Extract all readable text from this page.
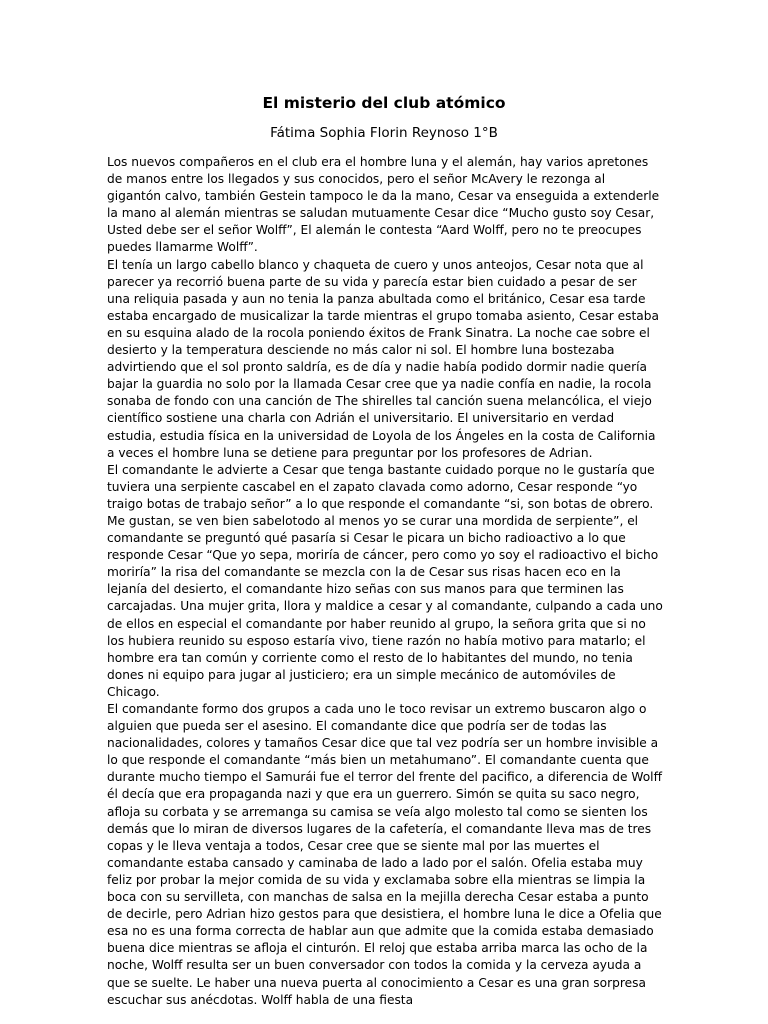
El misterio del club atómico
Fátima Sophia Florin Reynoso 1°B

Los nuevos compañeros en el club era el hombre luna y el alemán, hay varios apretones de manos entre los llegados y sus conocidos, pero el señor McAvery le rezonga al gigantón calvo, también Gestein tampoco le da la mano, Cesar va enseguida a extenderle la mano al alemán mientras se saludan mutuamente Cesar dice “Mucho gusto soy Cesar, Usted debe ser el señor Wolff”, El alemán le contesta “Aard Wolff, pero no te preocupes puedes llamarme Wolff”.

El tenía un largo cabello blanco y chaqueta de cuero y unos anteojos, Cesar nota que al parecer ya recorrió buena parte de su vida y parecía estar bien cuidado a pesar de ser una reliquia pasada y aun no tenia la panza abultada como el británico, Cesar esa tarde estaba encargado de musicalizar la tarde mientras el grupo tomaba asiento, Cesar estaba en su esquina alado de la rocola poniendo éxitos de Frank Sinatra. La noche cae sobre el desierto y la temperatura desciende no más calor ni sol. El hombre luna bostezaba advirtiendo que el sol pronto saldría, es de día y nadie había podido dormir nadie quería bajar la guardia no solo por la llamada Cesar cree que ya nadie confía en nadie, la rocola sonaba de fondo con una canción de The shirelles tal canción suena melancólica, el viejo científico sostiene una charla con Adrián el universitario. El universitario en verdad estudia, estudia física en la universidad de Loyola de los Ángeles en la costa de California a veces el hombre luna se detiene para preguntar por los profesores de Adrian.

El comandante le advierte a Cesar que tenga bastante cuidado porque no le gustaría que tuviera una serpiente cascabel en el zapato clavada como adorno, Cesar responde “yo traigo botas de trabajo señor” a lo que responde el comandante “si, son botas de obrero. Me gustan, se ven bien sabelotodo al menos yo se curar una mordida de serpiente”, el comandante se preguntó qué pasaría si Cesar le picara un bicho radioactivo a lo que responde Cesar “Que yo sepa, moriría de cáncer, pero como yo soy el radioactivo el bicho moriría” la risa del comandante se mezcla con la de Cesar sus risas hacen eco en la lejanía del desierto, el comandante hizo señas con sus manos para que terminen las carcajadas. Una mujer grita, llora y maldice a cesar y al comandante, culpando a cada uno de ellos en especial el comandante por haber reunido al grupo, la señora grita que si no los hubiera reunido su esposo estaría vivo, tiene razón no había motivo para matarlo; el hombre era tan común y corriente como el resto de lo habitantes del mundo, no tenia dones ni equipo para jugar al justiciero; era un simple mecánico de automóviles de Chicago.

El comandante formo dos grupos a cada uno le toco revisar un extremo buscaron algo o alguien que pueda ser el asesino. El comandante dice que podría ser de todas las nacionalidades, colores y tamaños Cesar dice que tal vez podría ser un hombre invisible a lo que responde el comandante “más bien un metahumano”. El comandante cuenta que durante mucho tiempo el Samurái fue el terror del frente del pacifico, a diferencia de Wolff él decía que era propaganda nazi y que era un guerrero. Simón se quita su saco negro, afloja su corbata y se arremanga su camisa se veía algo molesto tal como se sienten los demás que lo miran de diversos lugares de la cafetería, el comandante lleva mas de tres copas y le lleva ventaja a todos, Cesar cree que se siente mal por las muertes el comandante estaba cansado y caminaba de lado a lado por el salón. Ofelia estaba muy feliz por probar la mejor comida de su vida y exclamaba sobre ella mientras se limpia la boca con su servilleta, con manchas de salsa en la mejilla derecha Cesar estaba a punto de decirle, pero Adrian hizo gestos para que desistiera, el hombre luna le dice a Ofelia que esa no es una forma correcta de hablar aun que admite que la comida estaba demasiado buena dice mientras se afloja el cinturón. El reloj que estaba arriba marca las ocho de la noche, Wolff resulta ser un buen conversador con todos la comida y la cerveza ayuda a que se suelte. Le haber una nueva puerta al conocimiento a Cesar es una gran sorpresa escuchar sus anécdotas. Wolff habla de una fiesta
